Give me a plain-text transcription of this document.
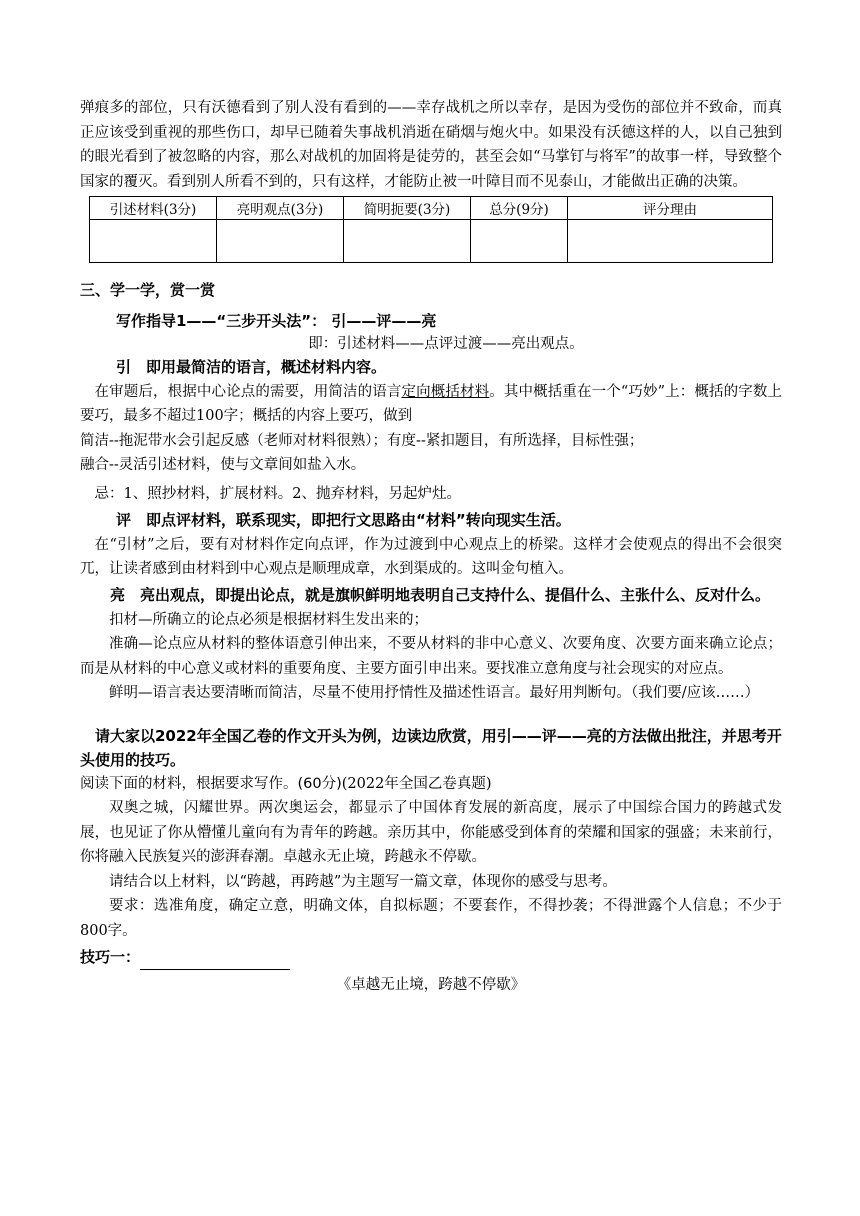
弹痕多的部位，只有沃德看到了别人没有看到的——幸存战机之所以幸存，是因为受伤的部位并不致命，而真正应该受到重视的那些伤口，却早已随着失事战机消逝在硝烟与炮火中。如果没有沃德这样的人，以自己独到的眼光看到了被忽略的内容，那么对战机的加固将是徒劳的，甚至会如“马掌钉与将军”的故事一样，导致整个国家的覆灭。看到别人所看不到的，只有这样，才能防止被一叶障目而不见泰山，才能做出正确的决策。

引述材料(3分)	亮明观点(3分)	简明扼要(3分)	总分(9分)	评分理由

三、学一学，赏一赏
写作指导1——“三步开头法”： 引——评——亮
即：引述材料——点评过渡——亮出观点。

引　即用最简洁的语言，概述材料内容。

在审题后，根据中心论点的需要，用简洁的语言定向概括材料。其中概括重在一个“巧妙”上：概括的字数上要巧，最多不超过100字；概括的内容上要巧，做到

简洁--拖泥带水会引起反感（老师对材料很熟）；有度--紧扣题目，有所选择，目标性强；

融合--灵活引述材料，使与文章间如盐入水。

忌：1、照抄材料，扩展材料。2、抛弃材料，另起炉灶。

评　即点评材料，联系现实，即把行文思路由“材料”转向现实生活。

在“引材”之后，要有对材料作定向点评，作为过渡到中心观点上的桥梁。这样才会使观点的得出不会很突兀，让读者感到由材料到中心观点是顺理成章，水到渠成的。这叫金句植入。

亮　亮出观点，即提出论点，就是旗帜鲜明地表明自己支持什么、提倡什么、主张什么、反对什么。

扣材—所确立的论点必须是根据材料生发出来的；

准确—论点应从材料的整体语意引伸出来，不要从材料的非中心意义、次要角度、次要方面来确立论点；而是从材料的中心意义或材料的重要角度、主要方面引申出来。要找准立意角度与社会现实的对应点。

鲜明—语言表达要清晰而简洁，尽量不使用抒情性及描述性语言。最好用判断句。（我们要/应该……）

请大家以2022年全国乙卷的作文开头为例，边读边欣赏，用引——评——亮的方法做出批注，并思考开头使用的技巧。

阅读下面的材料，根据要求写作。(60分)(2022年全国乙卷真题)

双奥之城，闪耀世界。两次奥运会，都显示了中国体育发展的新高度，展示了中国综合国力的跨越式发展，也见证了你从懵懂儿童向有为青年的跨越。亲历其中，你能感受到体育的荣耀和国家的强盛；未来前行，你将融入民族复兴的澎湃春潮。卓越永无止境，跨越永不停歇。

请结合以上材料，以“跨越，再跨越”为主题写一篇文章，体现你的感受与思考。

要求：选准角度，确定立意，明确文体，自拟标题；不要套作，不得抄袭；不得泄露个人信息；不少于800字。

技巧一：

《卓越无止境，跨越不停歇》
